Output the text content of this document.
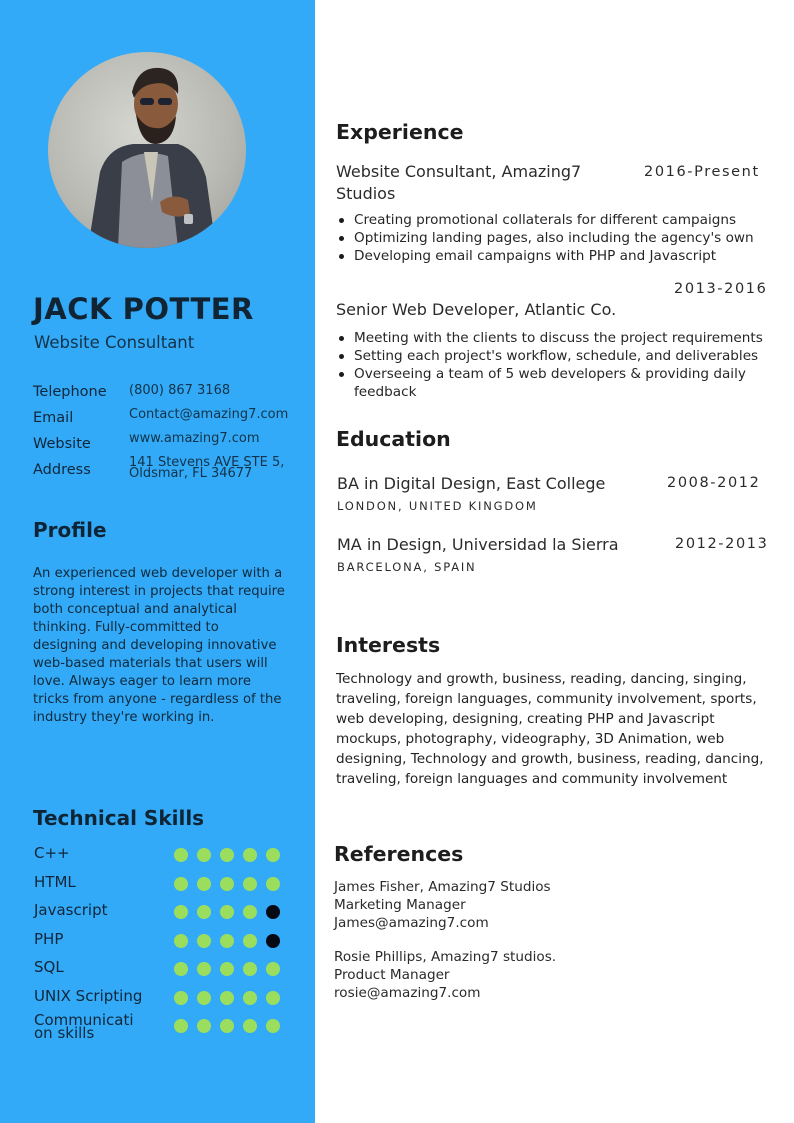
JACK POTTER
Website Consultant
Telephone (800) 867 3168
Email	Contact@amazing7.com
Website	www.amazing7.com
Address	141 Stevens AVE STE 5,
Oldsmar, FL 34677
Profile

An experienced web developer with a strong interest in projects that require both conceptual and analytical thinking. Fully-committed to designing and developing innovative web-based materials that users will love. Always eager to learn more tricks from anyone - regardless of the industry they're working in.

Technical Skills
C++
HTML
Javascript
PHP
SQL
UNIX Scripting
Communicati
on skills
Experience
Website Consultant, Amazing7
Studios
2016-Present
Creating promotional collaterals for different campaigns
Optimizing landing pages, also including the agency's own
Developing email campaigns with PHP and Javascript
2013-2016
Senior Web Developer, Atlantic Co.
Meeting with the clients to discuss the project requirements
Setting each project's workflow, schedule, and deliverables
Overseeing a team of 5 web developers & providing daily feedback
Education
BA in Digital Design, East College	2008-2012
LONDON, UNITED KINGDOM
MA in Design, Universidad la Sierra	2012-2013
BARCELONA, SPAIN
Interests

Technology and growth, business, reading, dancing, singing, traveling, foreign languages, community involvement, sports, web developing, designing, creating PHP and Javascript mockups, photography, videography, 3D Animation, web designing, Technology and growth, business, reading, dancing, traveling, foreign languages and community involvement

References
James Fisher, Amazing7 Studios
Marketing Manager
James@amazing7.com
Rosie Phillips, Amazing7 studios.
Product Manager
rosie@amazing7.com
